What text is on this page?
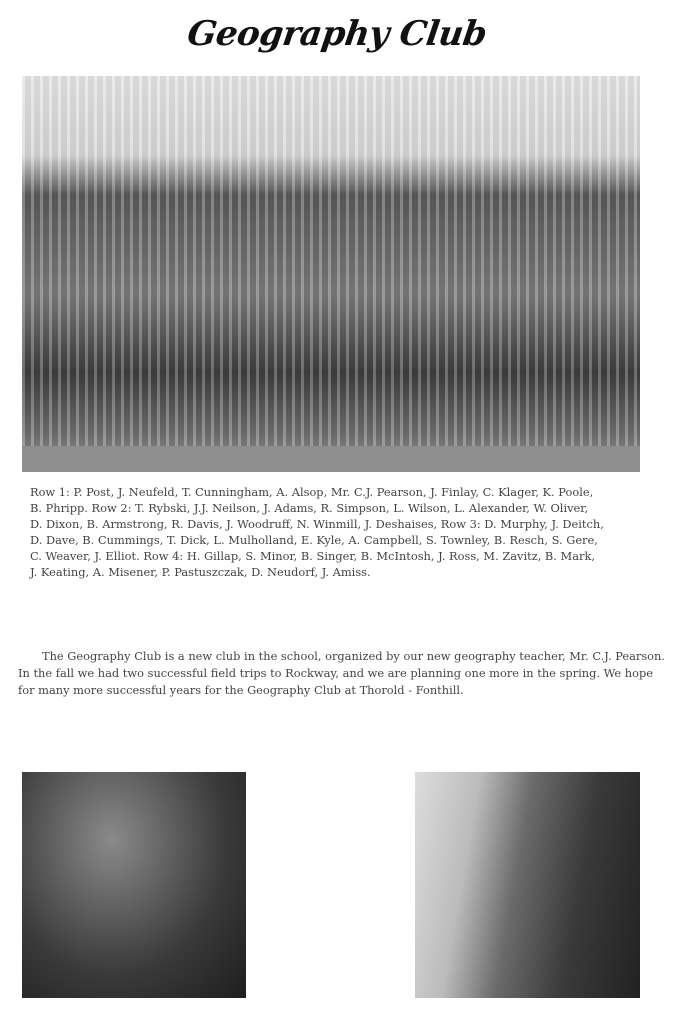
Geography Club
Row 1: P. Post, J. Neufeld, T. Cunningham, A. Alsop, Mr. C.J. Pearson, J. Finlay, C. Klager, K. Poole,
B. Phripp. Row 2: T. Rybski, J.J. Neilson, J. Adams, R. Simpson, L. Wilson, L. Alexander, W. Oliver,
D. Dixon, B. Armstrong, R. Davis, J. Woodruff, N. Winmill, J. Deshaises, Row 3: D. Murphy, J. Deitch,
D. Dave, B. Cummings, T. Dick, L. Mulholland, E. Kyle, A. Campbell, S. Townley, B. Resch, S. Gere,
C. Weaver, J. Elliot. Row 4: H. Gillap, S. Minor, B. Singer, B. McIntosh, J. Ross, M. Zavitz, B. Mark,
J. Keating, A. Misener, P. Pastuszczak, D. Neudorf, J. Amiss.
The Geography Club is a new club in the school, organized by our new geography teacher, Mr. C.J. Pearson.
In the fall we had two successful field trips to Rockway, and we are planning one more in the spring. We hope
for many more successful years for the Geography Club at Thorold - Fonthill.
